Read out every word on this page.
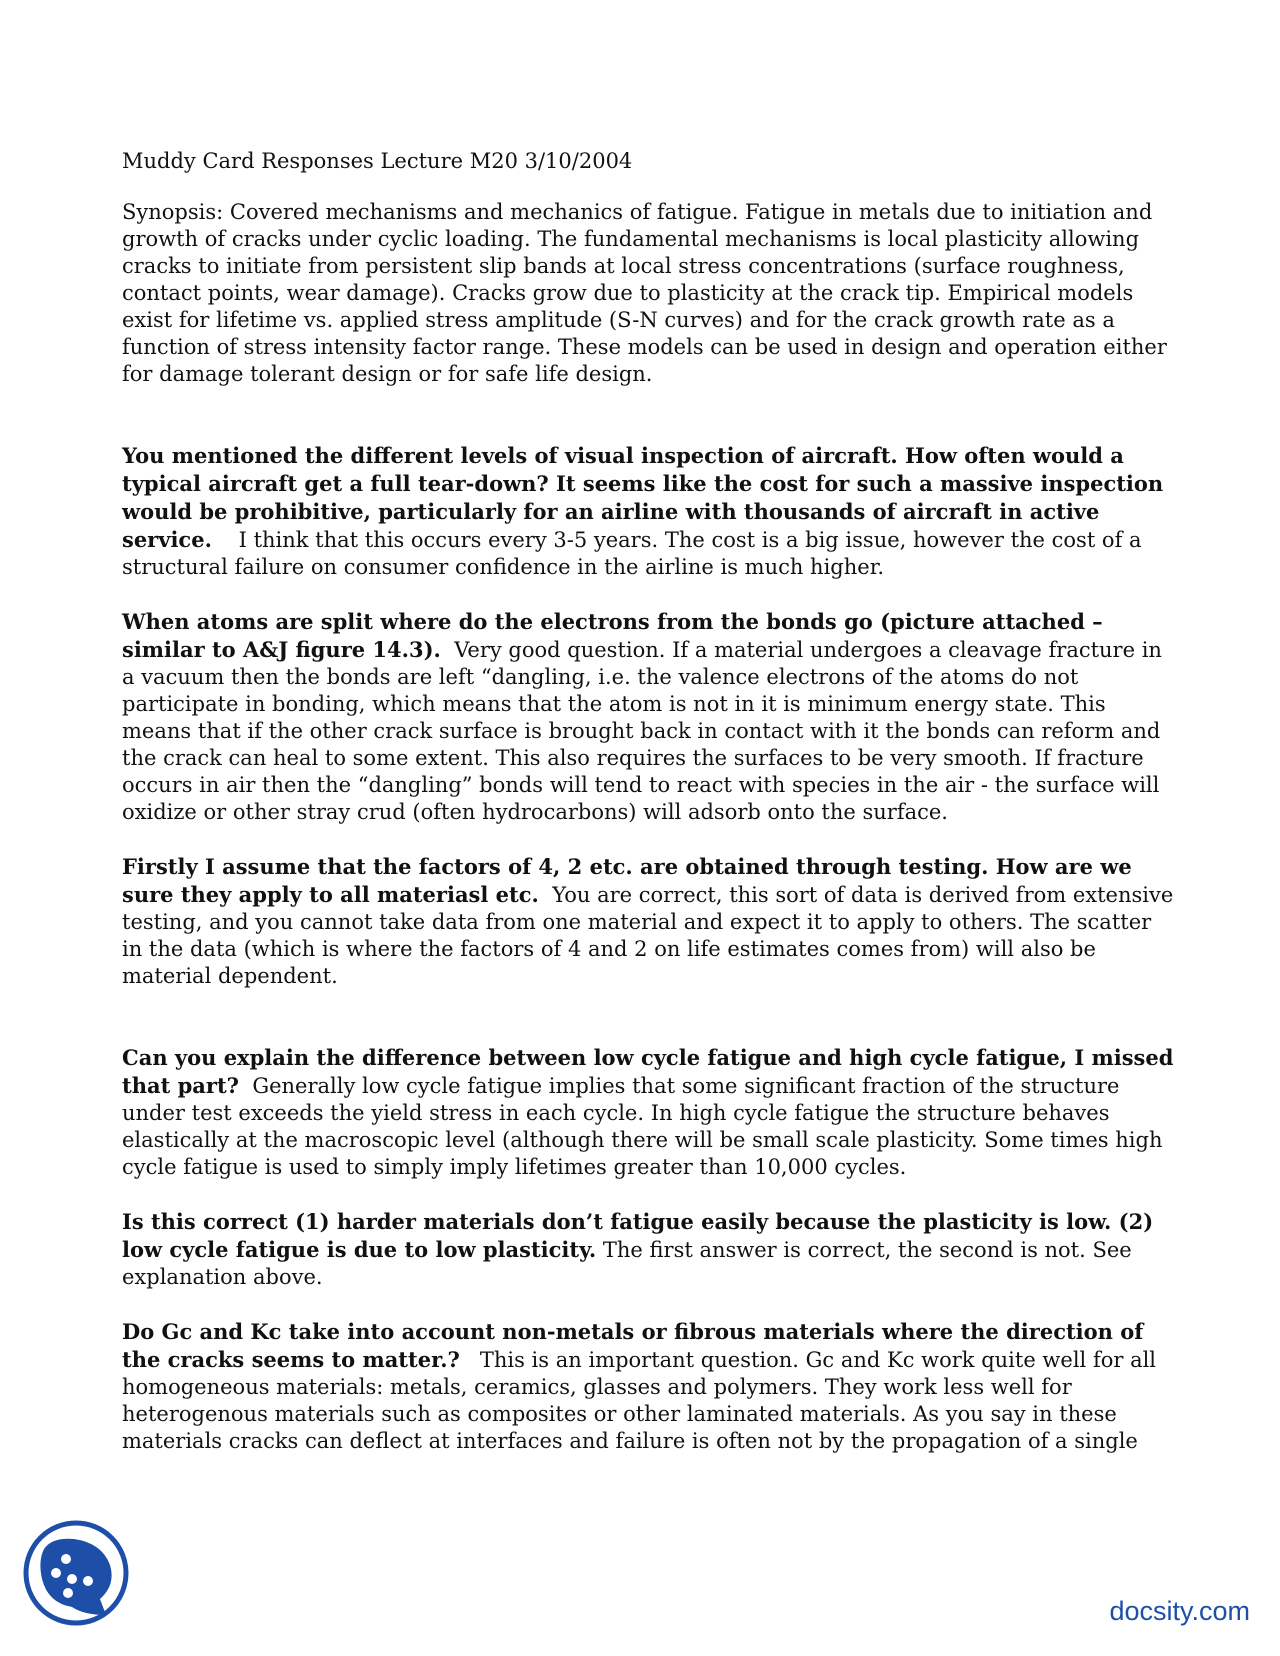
Muddy Card Responses Lecture M20 3/10/2004

Synopsis: Covered mechanisms and mechanics of fatigue. Fatigue in metals due to initiation and growth of cracks under cyclic loading. The fundamental mechanisms is local plasticity allowing cracks to initiate from persistent slip bands at local stress concentrations (surface roughness, contact points, wear damage). Cracks grow due to plasticity at the crack tip. Empirical models exist for lifetime vs. applied stress amplitude (S-N curves) and for the crack growth rate as a function of stress intensity factor range. These models can be used in design and operation either for damage tolerant design or for safe life design.

You mentioned the different levels of visual inspection of aircraft. How often would a typical aircraft get a full tear-down? It seems like the cost for such a massive inspection would be prohibitive, particularly for an airline with thousands of aircraft in active service. I think that this occurs every 3-5 years. The cost is a big issue, however the cost of a structural failure on consumer confidence in the airline is much higher.

When atoms are split where do the electrons from the bonds go (picture attached – similar to A&J figure 14.3). Very good question. If a material undergoes a cleavage fracture in a vacuum then the bonds are left “dangling, i.e. the valence electrons of the atoms do not participate in bonding, which means that the atom is not in it is minimum energy state. This means that if the other crack surface is brought back in contact with it the bonds can reform and the crack can heal to some extent. This also requires the surfaces to be very smooth. If fracture occurs in air then the “dangling” bonds will tend to react with species in the air - the surface will oxidize or other stray crud (often hydrocarbons) will adsorb onto the surface.

Firstly I assume that the factors of 4, 2 etc. are obtained through testing. How are we sure they apply to all materiasl etc. You are correct, this sort of data is derived from extensive testing, and you cannot take data from one material and expect it to apply to others. The scatter in the data (which is where the factors of 4 and 2 on life estimates comes from) will also be material dependent.

Can you explain the difference between low cycle fatigue and high cycle fatigue, I missed that part? Generally low cycle fatigue implies that some significant fraction of the structure under test exceeds the yield stress in each cycle. In high cycle fatigue the structure behaves elastically at the macroscopic level (although there will be small scale plasticity. Some times high cycle fatigue is used to simply imply lifetimes greater than 10,000 cycles.

Is this correct (1) harder materials don’t fatigue easily because the plasticity is low. (2) low cycle fatigue is due to low plasticity. The first answer is correct, the second is not. See explanation above.

Do Gc and Kc take into account non-metals or fibrous materials where the direction of the cracks seems to matter.? This is an important question. Gc and Kc work quite well for all homogeneous materials: metals, ceramics, glasses and polymers. They work less well for heterogenous materials such as composites or other laminated materials. As you say in these materials cracks can deflect at interfaces and failure is often not by the propagation of a single

docsity.com
